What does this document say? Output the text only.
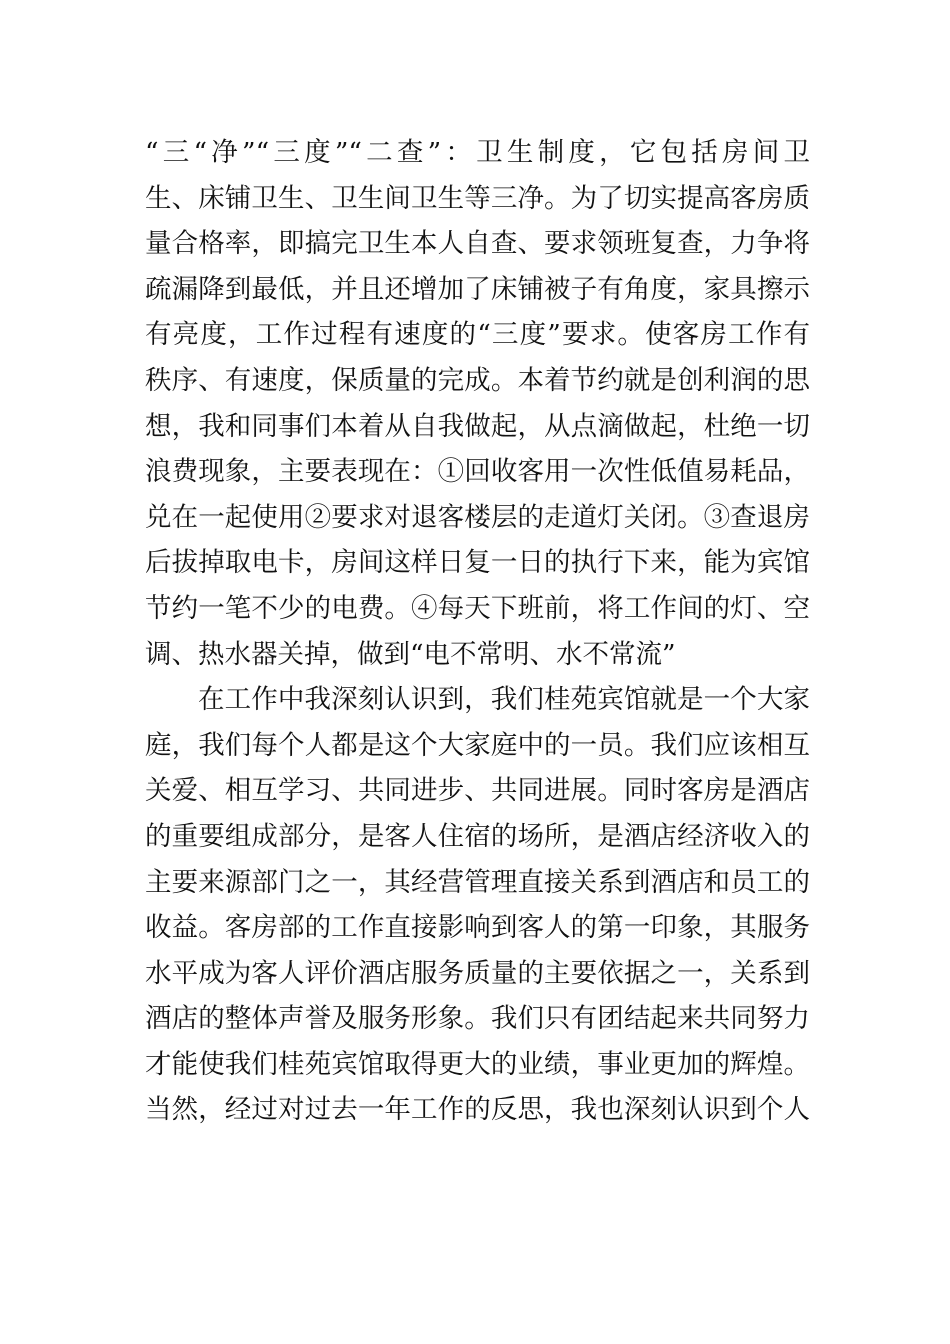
“三“净”“三度”“二查”：卫生制度，它包括房间卫
生、床铺卫生、卫生间卫生等三净。为了切实提高客房质
量合格率，即搞完卫生本人自查、要求领班复查，力争将
疏漏降到最低，并且还增加了床铺被子有角度，家具擦示
有亮度，工作过程有速度的“三度”要求。使客房工作有
秩序、有速度，保质量的完成。本着节约就是创利润的思
想，我和同事们本着从自我做起，从点滴做起，杜绝一切
浪费现象，主要表现在：①回收客用一次性低值易耗品，
兑在一起使用②要求对退客楼层的走道灯关闭。③查退房
后拔掉取电卡，房间这样日复一日的执行下来，能为宾馆
节约一笔不少的电费。④每天下班前，将工作间的灯、空
调、热水器关掉，做到“电不常明、水不常流”
在工作中我深刻认识到，我们桂苑宾馆就是一个大家
庭，我们每个人都是这个大家庭中的一员。我们应该相互
关爱、相互学习、共同进步、共同进展。同时客房是酒店
的重要组成部分，是客人住宿的场所，是酒店经济收入的
主要来源部门之一，其经营管理直接关系到酒店和员工的
收益。客房部的工作直接影响到客人的第一印象，其服务
水平成为客人评价酒店服务质量的主要依据之一，关系到
酒店的整体声誉及服务形象。我们只有团结起来共同努力
才能使我们桂苑宾馆取得更大的业绩，事业更加的辉煌。
当然，经过对过去一年工作的反思，我也深刻认识到个人
